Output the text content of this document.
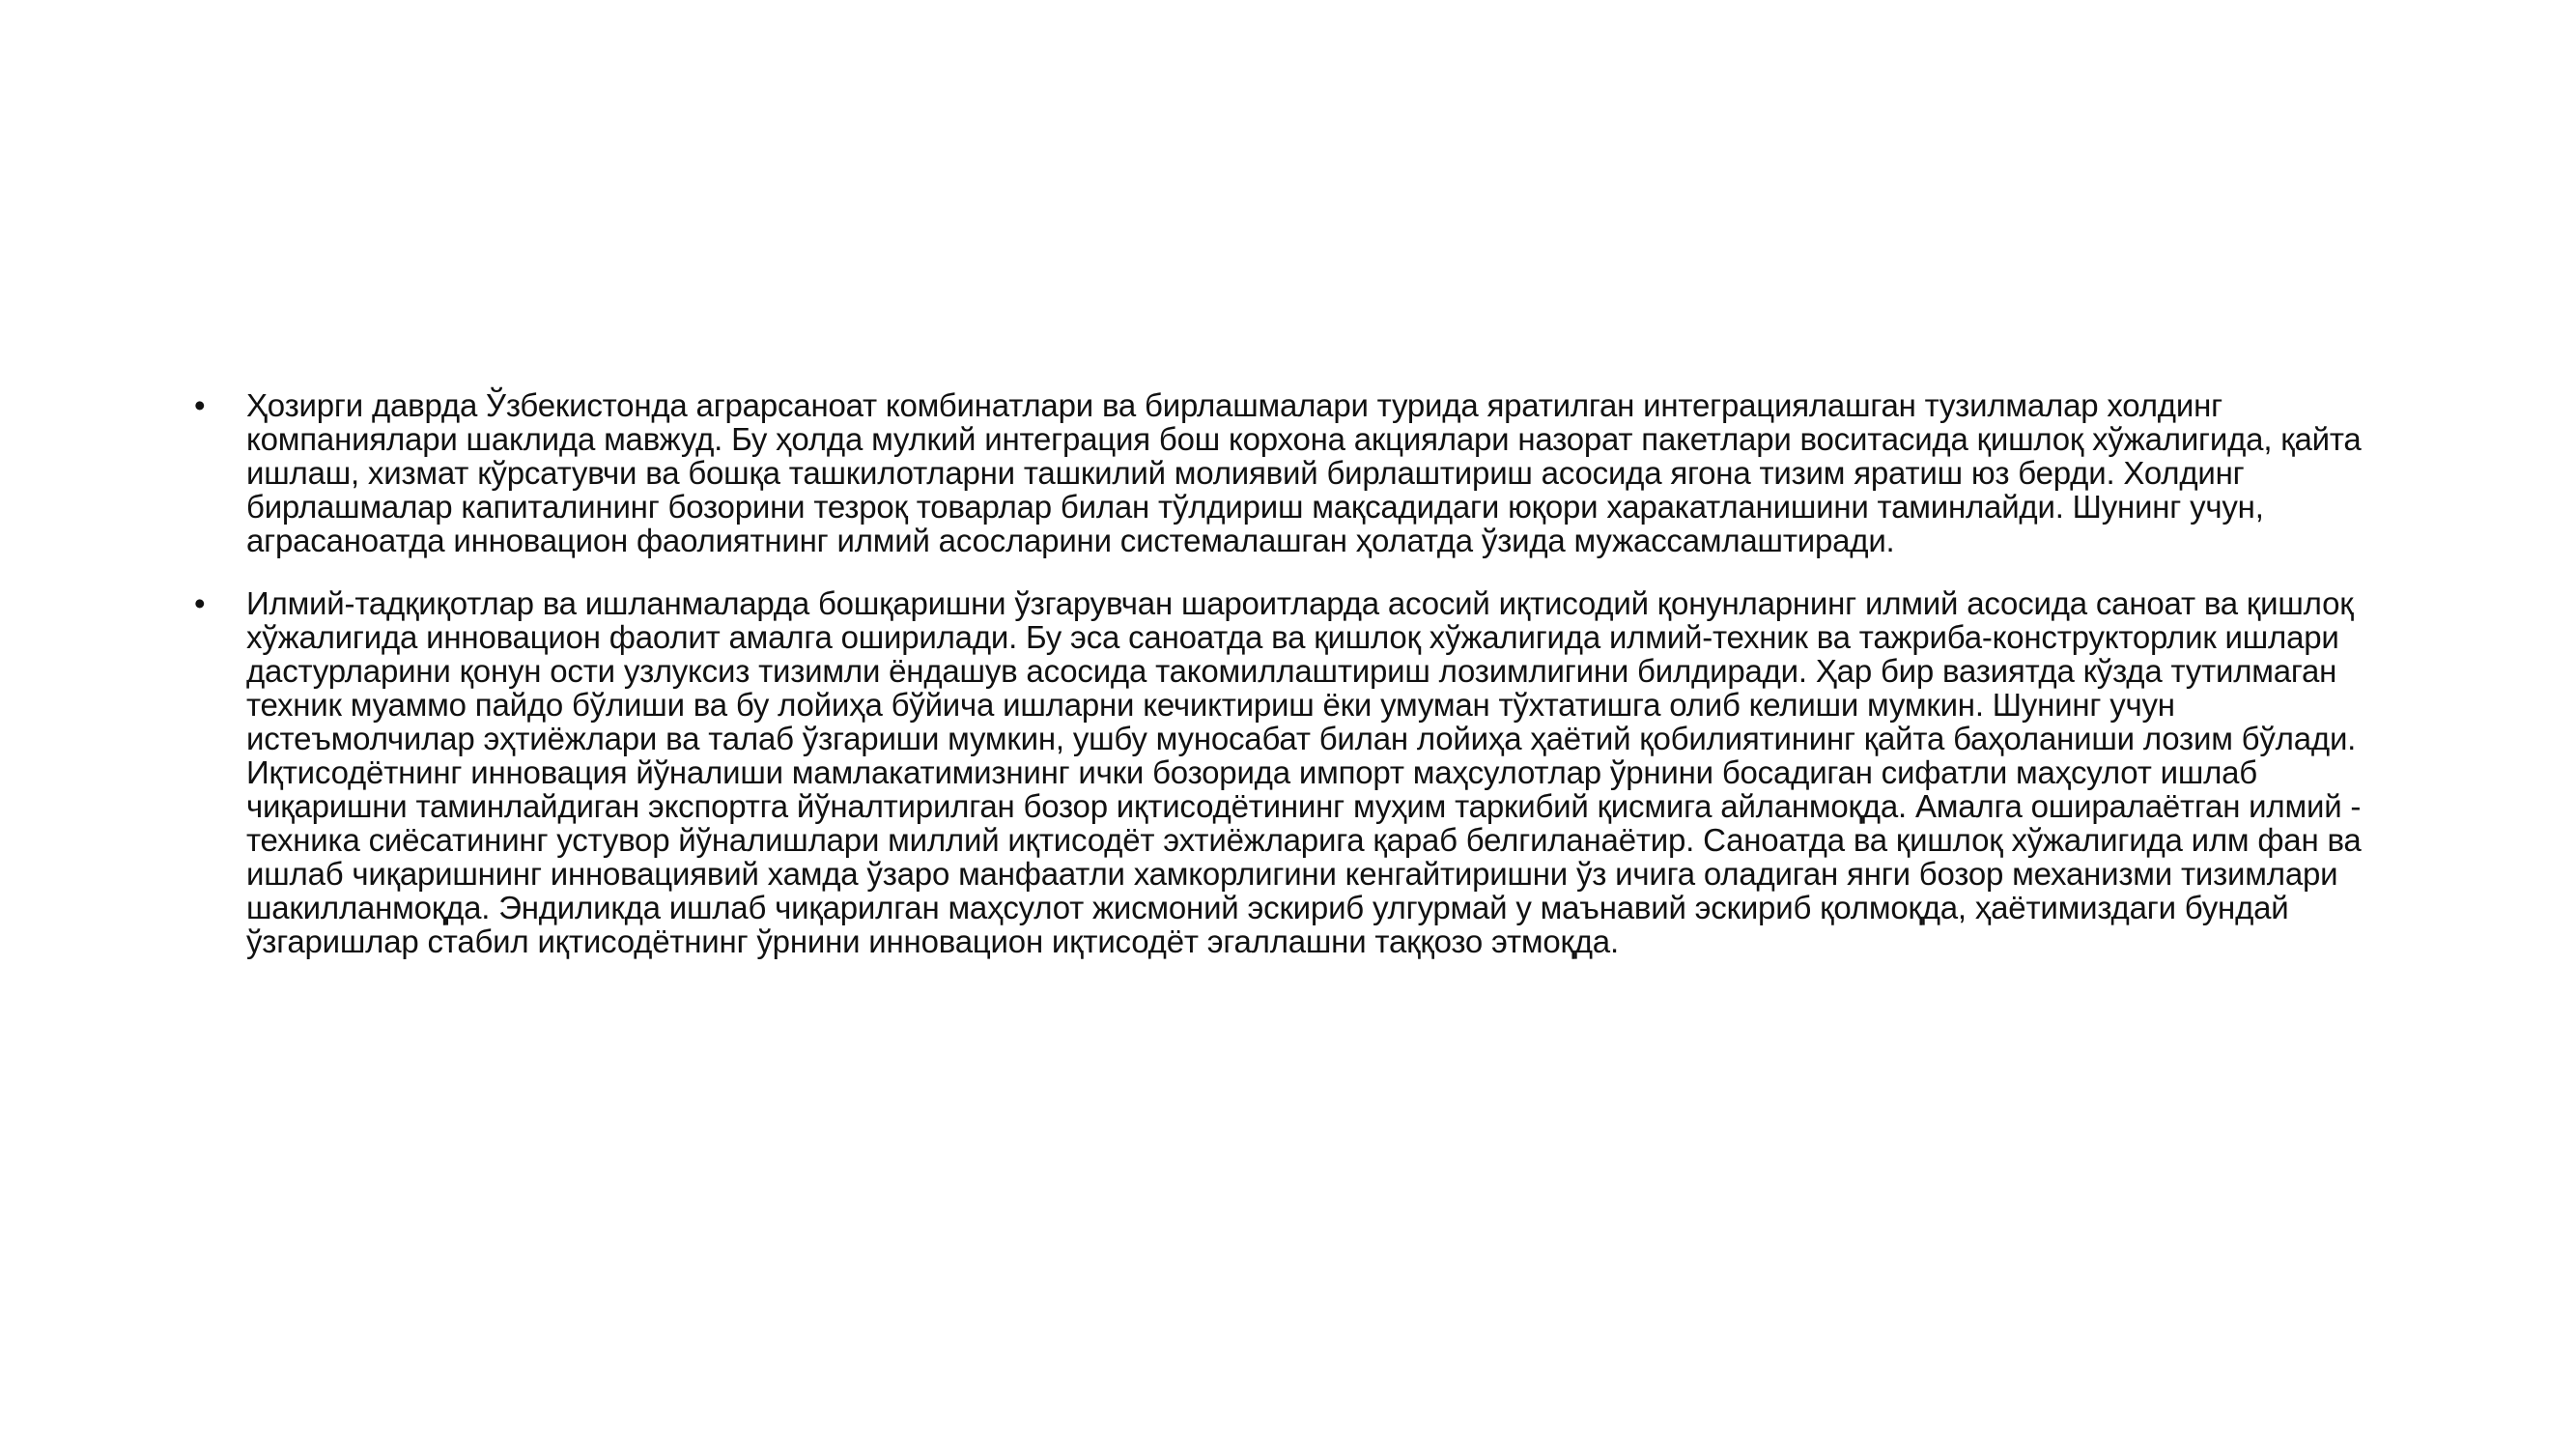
• Ҳозирги даврда Ўзбекистонда аграрсаноат комбинатлари ва бирлашмалари турида яратилган интеграциялашган тузилмалар холдинг компаниялари шаклида мавжуд. Бу ҳолда мулкий интеграция бош корхона акциялари назорат пакетлари воситасида қишлоқ хўжалигида, қайта ишлаш, хизмат кўрсатувчи ва бошқа ташкилотларни ташкилий молиявий бирлаштириш асосида ягона тизим яратиш юз берди. Холдинг бирлашмалар капиталининг бозорини тезроқ товарлар билан тўлдириш мақсадидаги юқори харакатланишини таминлайди. Шунинг учун, аграсаноатда инновацион фаолиятнинг илмий асосларини системалашган ҳолатда ўзида мужассамлаштиради.
• Илмий-тадқиқотлар ва ишланмаларда бошқаришни ўзгарувчан шароитларда асосий иқтисодий қонунларнинг илмий асосида саноат ва қишлоқ хўжалигида инновацион фаолит амалга оширилади. Бу эса саноатда ва қишлоқ хўжалигида илмий-техник ва тажриба-конструкторлик ишлари дастурларини қонун ости узлуксиз тизимли ёндашув асосида такомиллаштириш лозимлигини билдиради. Ҳар бир вазиятда кўзда тутилмаган техник муаммо пайдо бўлиши ва бу лойиҳа бўйича ишларни кечиктириш ёки умуман тўхтатишга олиб келиши мумкин. Шунинг учун истеъмолчилар эҳтиёжлари ва талаб ўзгариши мумкин, ушбу муносабат билан лойиҳа ҳаётий қобилиятининг қайта баҳоланиши лозим бўлади. Иқтисодётнинг инновация йўналиши мамлакатимизнинг ички бозорида импорт маҳсулотлар ўрнини босадиган сифатли маҳсулот ишлаб чиқаришни таминлайдиган экспортга йўналтирилган бозор иқтисодётининг муҳим таркибий қисмига айланмоқда. Амалга оширалаётган илмий - техника сиёсатининг устувор йўналишлари миллий иқтисодёт эхтиёжларига қараб белгиланаётир. Саноатда ва қишлоқ хўжалигида илм фан ва ишлаб чиқаришнинг инновациявий хамда ўзаро манфаатли хамкорлигини кенгайтиришни ўз ичига оладиган янги бозор механизми тизимлари шакилланмоқда. Эндиликда ишлаб чиқарилган маҳсулот жисмоний эскириб улгурмай у маънавий эскириб қолмоқда, ҳаётимиздаги бундай ўзгаришлар стабил иқтисодётнинг ўрнини инновацион иқтисодёт эгаллашни таққозо этмоқда.
